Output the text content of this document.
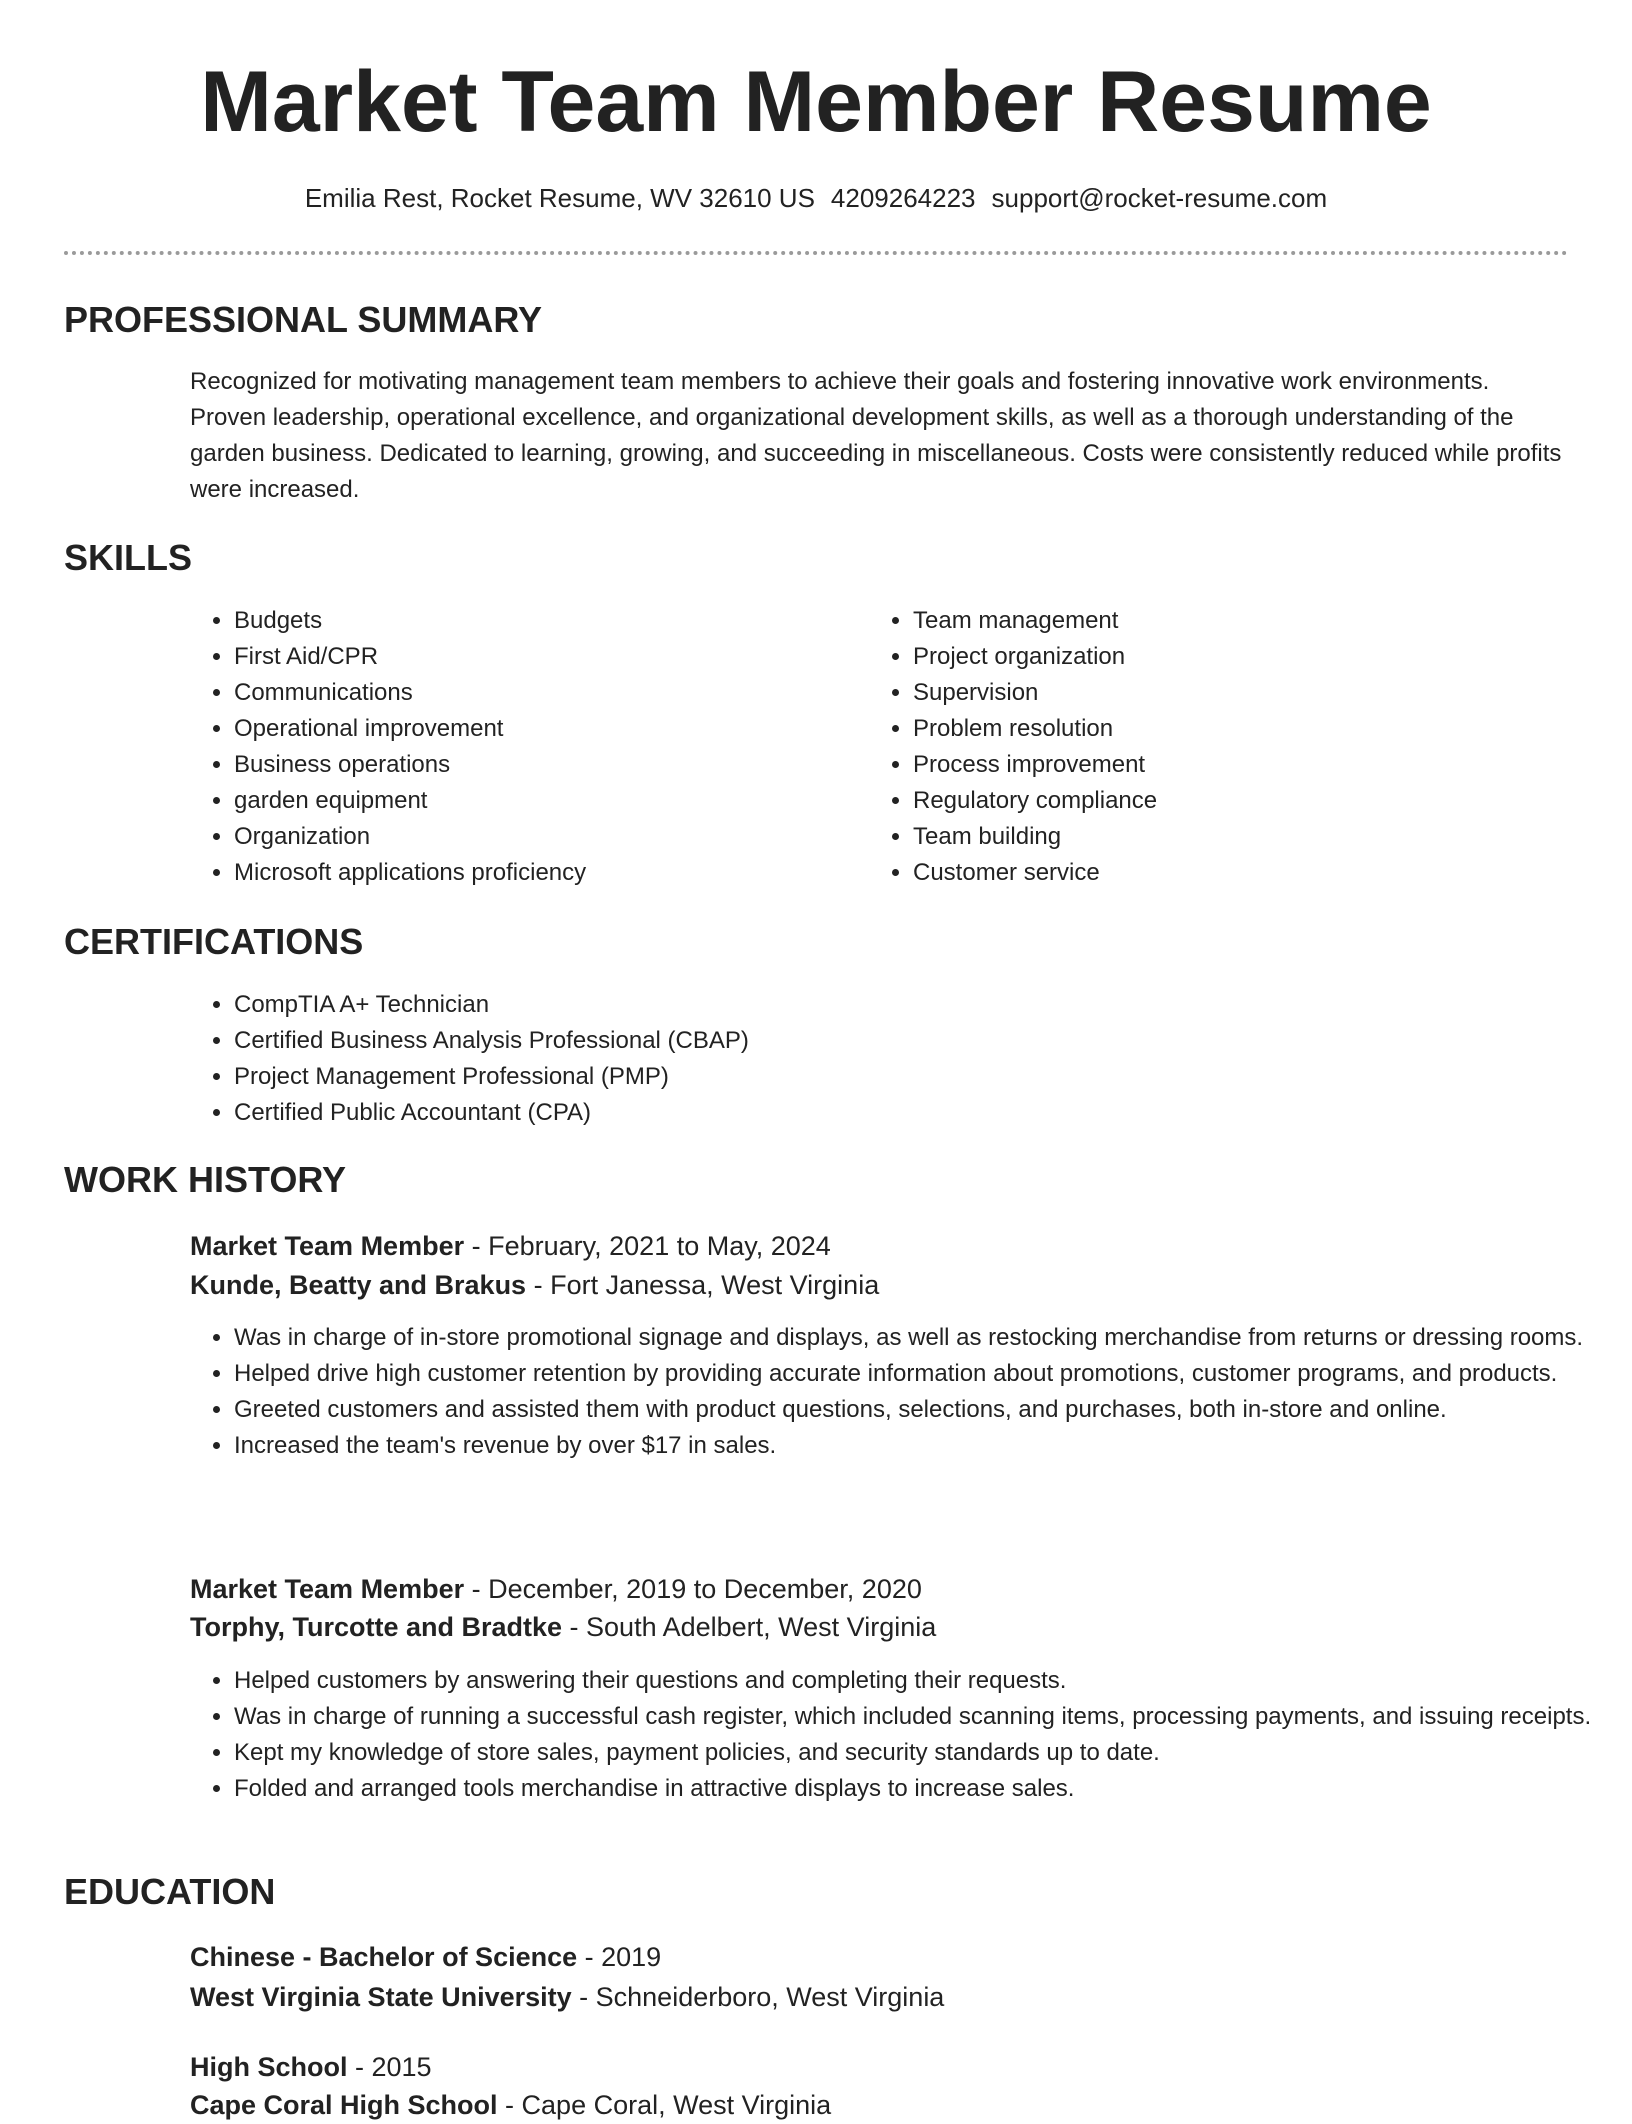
Market Team Member Resume
Emilia Rest, Rocket Resume, WV 32610 US 4209264223 support@rocket-resume.com
PROFESSIONAL SUMMARY
Recognized for motivating management team members to achieve their goals and fostering innovative work environments. Proven leadership, operational excellence, and organizational development skills, as well as a thorough understanding of the garden business. Dedicated to learning, growing, and succeeding in miscellaneous. Costs were consistently reduced while profits were increased.
SKILLS
• Budgets
• First Aid/CPR
• Communications
• Operational improvement
• Business operations
• garden equipment
• Organization
• Microsoft applications proficiency
• Team management
• Project organization
• Supervision
• Problem resolution
• Process improvement
• Regulatory compliance
• Team building
• Customer service
CERTIFICATIONS
• CompTIA A+ Technician
• Certified Business Analysis Professional (CBAP)
• Project Management Professional (PMP)
• Certified Public Accountant (CPA)
WORK HISTORY
Market Team Member - February, 2021 to May, 2024
Kunde, Beatty and Brakus - Fort Janessa, West Virginia
• Was in charge of in-store promotional signage and displays, as well as restocking merchandise from returns or dressing rooms.
• Helped drive high customer retention by providing accurate information about promotions, customer programs, and products.
• Greeted customers and assisted them with product questions, selections, and purchases, both in-store and online.
• Increased the team's revenue by over $17 in sales.
Market Team Member - December, 2019 to December, 2020
Torphy, Turcotte and Bradtke - South Adelbert, West Virginia
• Helped customers by answering their questions and completing their requests.
• Was in charge of running a successful cash register, which included scanning items, processing payments, and issuing receipts.
• Kept my knowledge of store sales, payment policies, and security standards up to date.
• Folded and arranged tools merchandise in attractive displays to increase sales.
EDUCATION
Chinese - Bachelor of Science - 2019
West Virginia State University - Schneiderboro, West Virginia
High School - 2015
Cape Coral High School - Cape Coral, West Virginia
